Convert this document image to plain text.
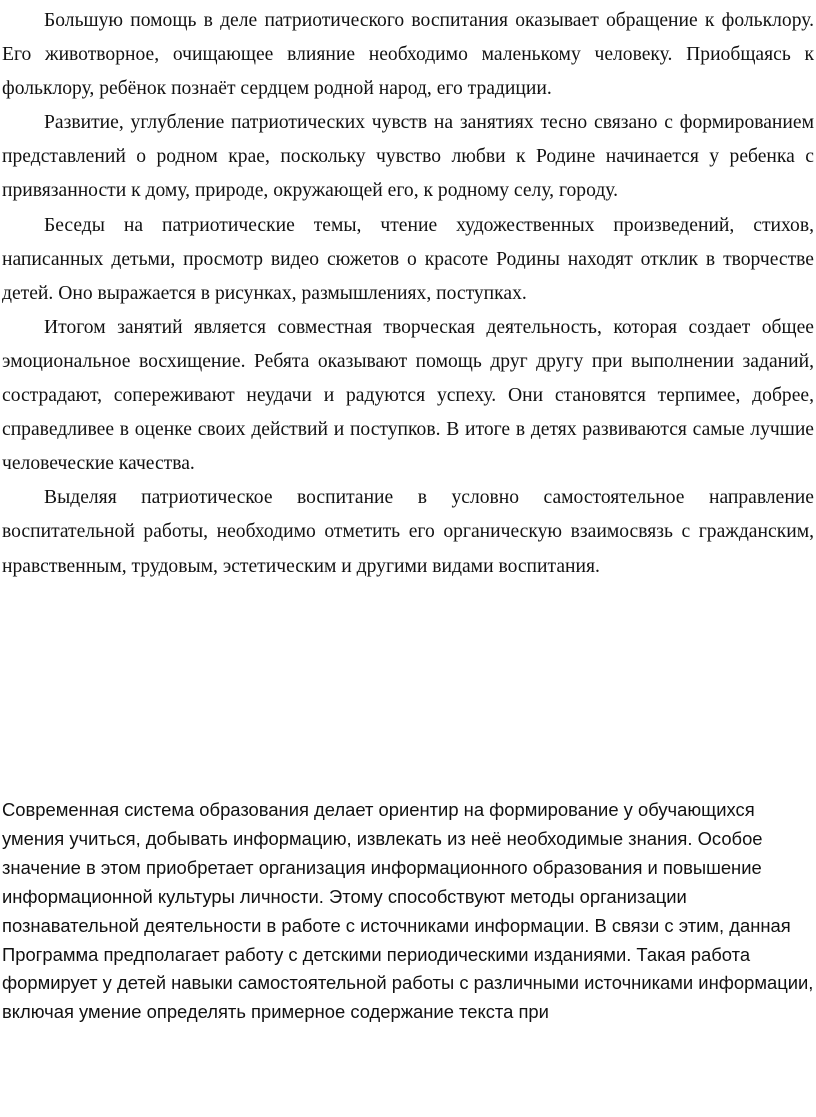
Большую помощь в деле патриотического воспитания оказывает обращение к фольклору. Его животворное, очищающее влияние необходимо маленькому человеку. Приобщаясь к фольклору, ребёнок познаёт сердцем родной народ, его традиции.

Развитие, углубление патриотических чувств на занятиях тесно связано с формированием представлений о родном крае, поскольку чувство любви к Родине начинается у ребенка с привязанности к дому, природе, окружающей его, к родному селу, городу.

Беседы на патриотические темы, чтение художественных произведений, стихов, написанных детьми, просмотр видео сюжетов о красоте Родины находят отклик в творчестве детей. Оно выражается в рисунках, размышлениях, поступках.

Итогом занятий является совместная творческая деятельность, которая создает общее эмоциональное восхищение. Ребята оказывают помощь друг другу при выполнении заданий, сострадают, сопереживают неудачи и радуются успеху. Они становятся терпимее, добрее, справедливее в оценке своих действий и поступков. В итоге в детях развиваются самые лучшие человеческие качества.

Выделяя патриотическое воспитание в условно самостоятельное направление воспитательной работы, необходимо отметить его органическую взаимосвязь с гражданским, нравственным, трудовым, эстетическим и другими видами воспитания.

Современная система образования делает ориентир на формирование у обучающихся умения учиться, добывать информацию, извлекать из неё необходимые знания. Особое значение в этом приобретает организация информационного образования и повышение информационной культуры личности. Этому способствуют методы организации познавательной деятельности в работе с источниками информации. В связи с этим, данная Программа предполагает работу с детскими периодическими изданиями. Такая работа формирует у детей навыки самостоятельной работы с различными источниками информации, включая умение определять примерное содержание текста при
